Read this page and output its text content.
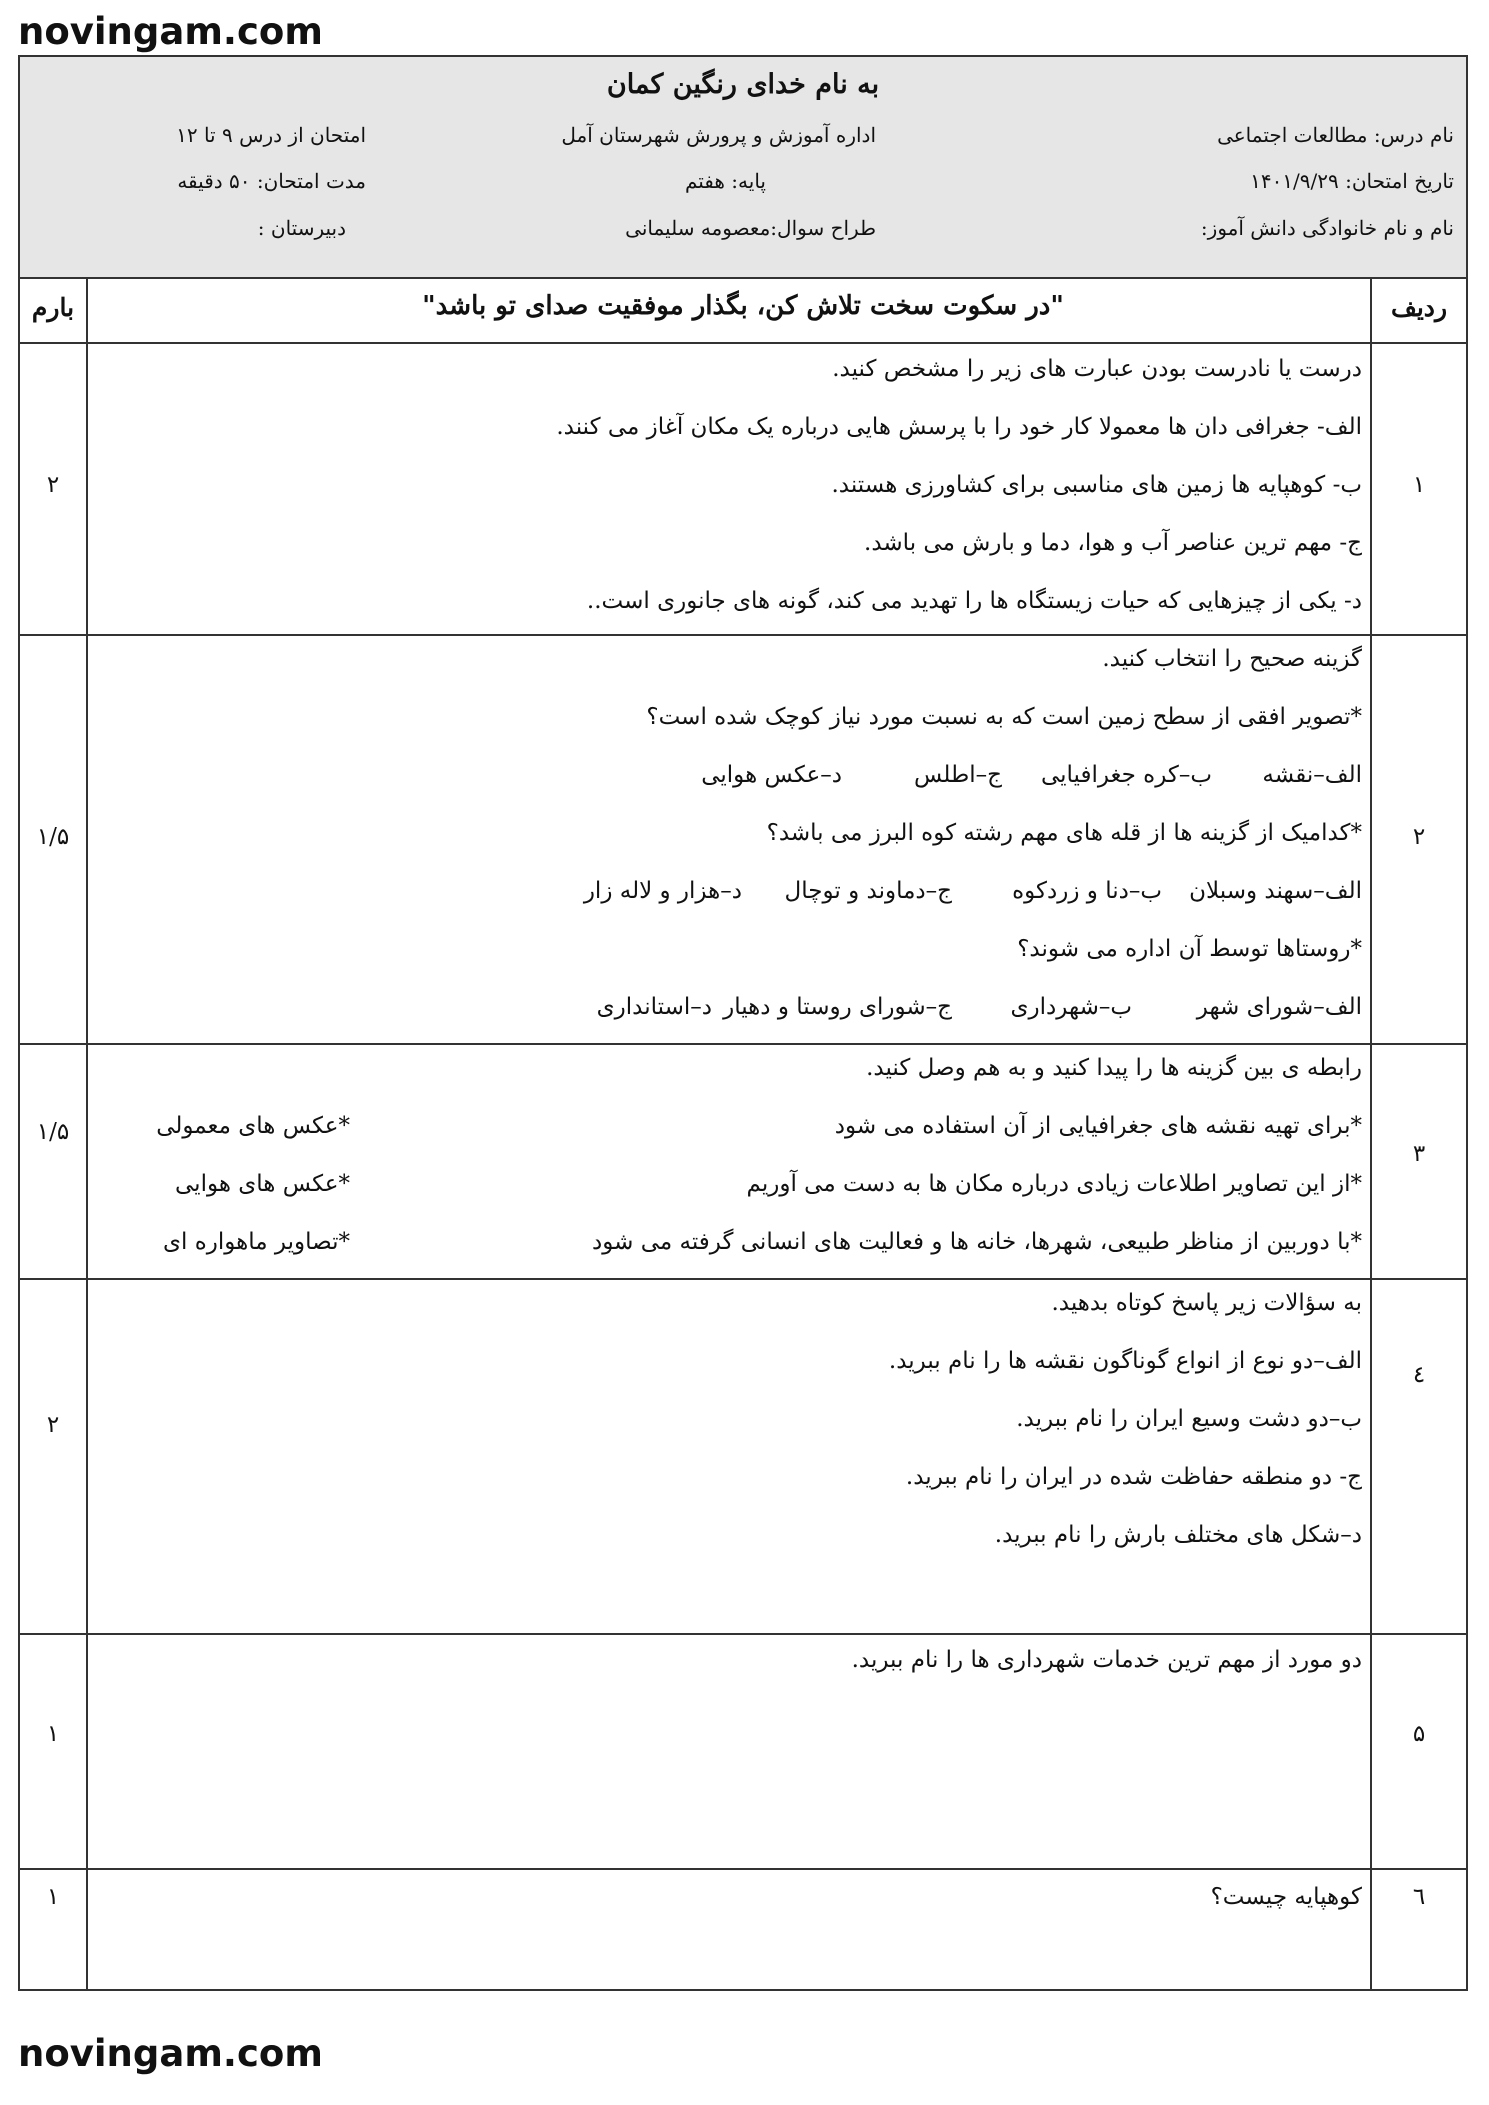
novingam.com
به نام خدای رنگین کمان
نام درس: مطالعات اجتماعی
اداره آموزش و پرورش شهرستان آمل
امتحان از درس ۹ تا ۱۲
تاریخ امتحان: ۱۴۰۱/۹/۲۹
پایه: هفتم
مدت امتحان: ۵۰ دقیقه
نام و نام خانوادگی دانش آموز:
طراح سوال:معصومه سلیمانی
دبیرستان :
ردیف
"در سکوت سخت تلاش کن، بگذار موفقیت صدای تو باشد"
بارم
۱
۲
درست یا نادرست بودن عبارت های زیر را مشخص کنید.
الف- جغرافی دان ها معمولا کار خود را با پرسش هایی درباره یک مکان آغاز می کنند.
ب- کوهپایه ها زمین های مناسبی برای کشاورزی هستند.
ج- مهم ترین عناصر آب و هوا، دما و بارش می باشد.
د- یکی از چیزهایی که حیات زیستگاه ها را تهدید می کند، گونه های جانوری است..
۲
۱/۵
گزینه صحیح را انتخاب کنید.
*تصویر افقی از سطح زمین است که به نسبت مورد نیاز کوچک شده است؟
الف–نقشه
ب–کره جغرافیایی
ج–اطلس
د–عکس هوایی
*کدامیک از گزینه ها از قله های مهم رشته کوه البرز می باشد؟
الف–سهند وسبلان
ب–دنا و زردکوه
ج–دماوند و توچال
د–هزار و لاله زار
*روستاها توسط آن اداره می شوند؟
الف–شورای شهر
ب–شهرداری
ج–شورای روستا و دهیار
د–استانداری
۳
۱/۵
رابطه ی بین گزینه ها را پیدا کنید و به هم وصل کنید.
*برای تهیه نقشه های جغرافیایی از آن استفاده می شود
*از این تصاویر اطلاعات زیادی درباره مکان ها به دست می آوریم
*با دوربین از مناظر طبیعی، شهرها، خانه ها و فعالیت های انسانی گرفته می شود
*عکس های معمولی
*عکس های هوایی
*تصاویر ماهواره ای
٤
۲
به سؤالات زیر پاسخ کوتاه بدهید.
الف–دو نوع از انواع گوناگون نقشه ها را نام ببرید.
ب–دو دشت وسیع ایران را نام ببرید.
ج- دو منطقه حفاظت شده در ایران را نام ببرید.
د–شکل های مختلف بارش را نام ببرید.
۵
۱
دو مورد از مهم ترین خدمات شهرداری ها را نام ببرید.
٦
۱	کوهپایه چیست؟
novingam.com
